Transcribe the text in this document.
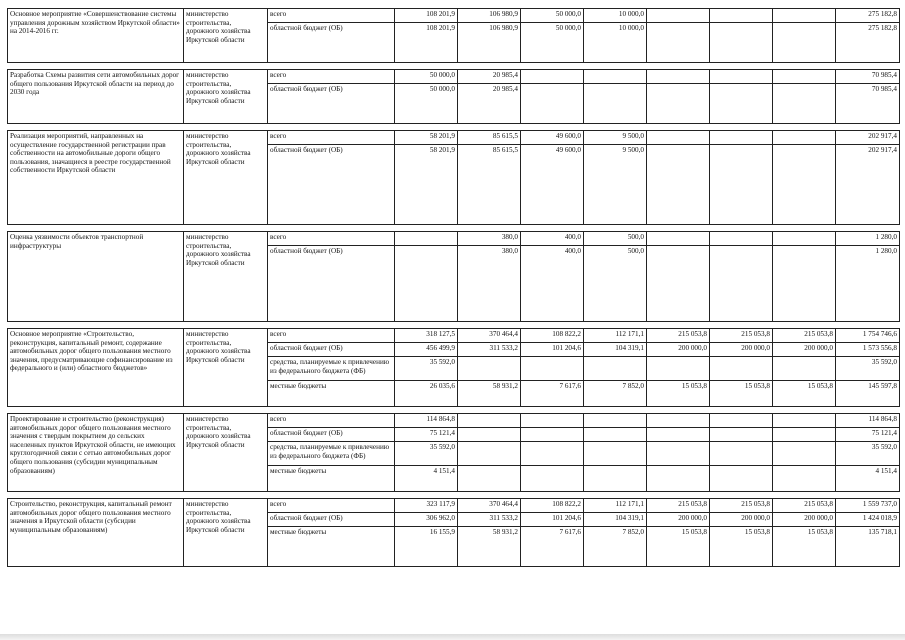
Основное мероприятие «Совершенствование системы управления дорожным хозяйством Иркутской области» на 2014-2016 гг.	министерство строительства, дорожного хозяйства Иркутской области	всего	108 201,9	106 980,9	50 000,0	10 000,0				275 182,8
		областной бюджет (ОБ)	108 201,9	106 980,9	50 000,0	10 000,0				275 182,8

Разработка Схемы развития сети автомобильных дорог общего пользования Иркутской области на период до 2030 года	министерство строительства, дорожного хозяйства Иркутской области	всего	50 000,0	20 985,4						70 985,4
		областной бюджет (ОБ)	50 000,0	20 985,4						70 985,4

Реализация мероприятий, направленных на осуществление государственной регистрации прав собственности на автомобильные дороги общего пользования, значащиеся в реестре государственной собственности Иркутской области	министерство строительства, дорожного хозяйства Иркутской области	всего	58 201,9	85 615,5	49 600,0	9 500,0				202 917,4
		областной бюджет (ОБ)	58 201,9	85 615,5	49 600,0	9 500,0				202 917,4

Оценка уязвимости объектов транспортной инфраструктуры	министерство строительства, дорожного хозяйства Иркутской области	всего		380,0	400,0	500,0				1 280,0
		областной бюджет (ОБ)		380,0	400,0	500,0				1 280,0

Основное мероприятие «Строительство, реконструкция, капитальный ремонт, содержание автомобильных дорог общего пользования местного значения, предусматривающие софинансирование из федерального и (или) областного бюджетов»	министерство строительства, дорожного хозяйства Иркутской области	всего	318 127,5	370 464,4	108 822,2	112 171,1	215 053,8	215 053,8	215 053,8	1 754 746,6
		областной бюджет (ОБ)	456 499,9	311 533,2	101 204,6	104 319,1	200 000,0	200 000,0	200 000,0	1 573 556,8
		средства, планируемые к привлечению из федерального бюджета (ФБ)	35 592,0							35 592,0
		местные бюджеты	26 035,6	58 931,2	7 617,6	7 852,0	15 053,8	15 053,8	15 053,8	145 597,8

Проектирование и строительство (реконструкция) автомобильных дорог общего пользования местного значения с твердым покрытием до сельских населенных пунктов Иркутской области, не имеющих круглогодичной связи с сетью автомобильных дорог общего пользования (субсидии муниципальным образованиям)	министерство строительства, дорожного хозяйства Иркутской области	всего	114 864,8							114 864,8
		областной бюджет (ОБ)	75 121,4							75 121,4
		средства, планируемые к привлечению из федерального бюджета (ФБ)	35 592,0							35 592,0
		местные бюджеты	4 151,4							4 151,4

Строительство, реконструкция, капитальный ремонт автомобильных дорог общего пользования местного значения в Иркутской области (субсидии муниципальным образованиям)	министерство строительства, дорожного хозяйства Иркутской области	всего	323 117,9	370 464,4	108 822,2	112 171,1	215 053,8	215 053,8	215 053,8	1 559 737,0
		областной бюджет (ОБ)	306 962,0	311 533,2	101 204,6	104 319,1	200 000,0	200 000,0	200 000,0	1 424 018,9
		местные бюджеты	16 155,9	58 931,2	7 617,6	7 852,0	15 053,8	15 053,8	15 053,8	135 718,1
